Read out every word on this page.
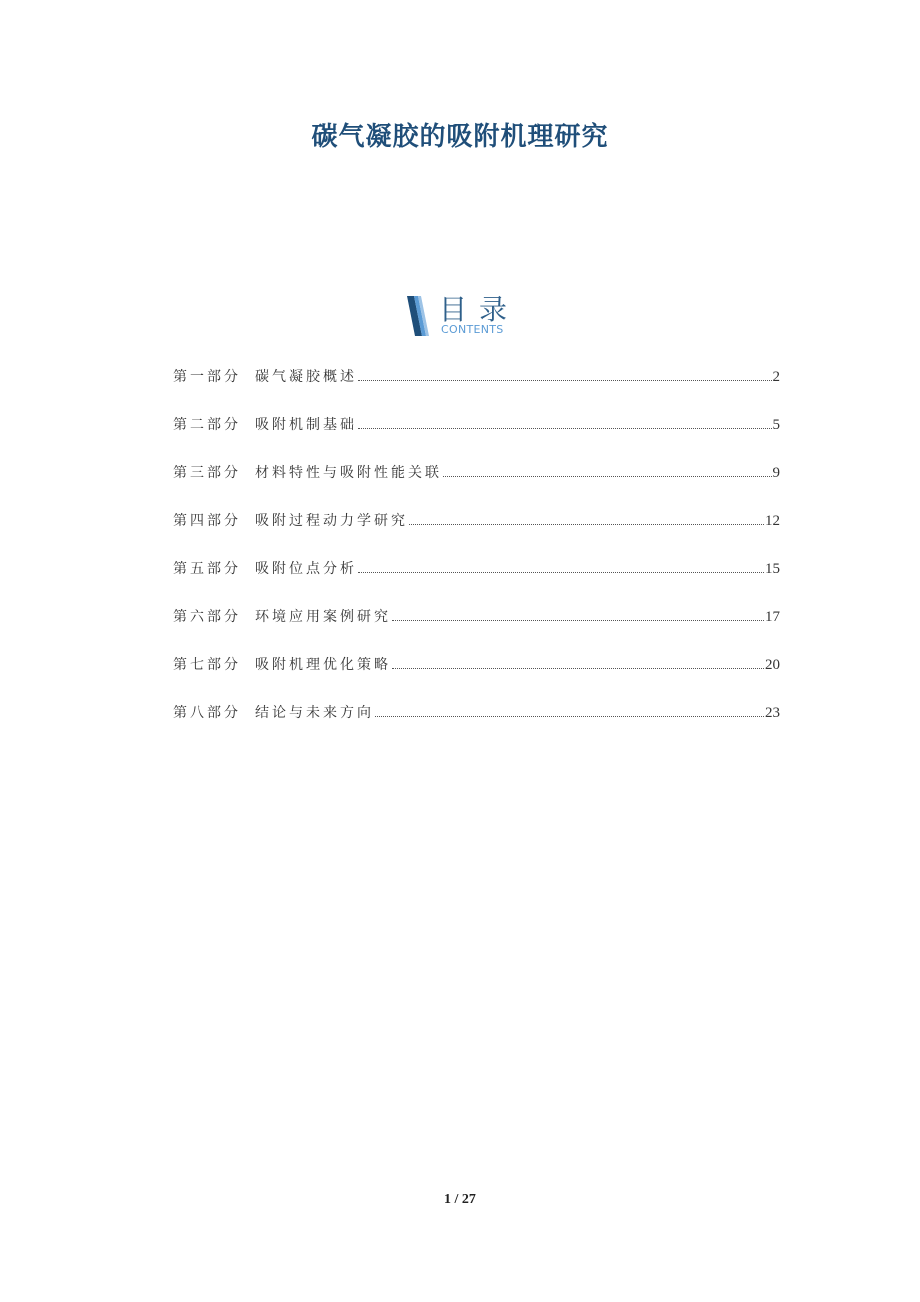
碳气凝胶的吸附机理研究
目录
CONTENTS
第一部分	碳气凝胶概述	2
第二部分	吸附机制基础	5
第三部分	材料特性与吸附性能关联	9
第四部分	吸附过程动力学研究	12
第五部分	吸附位点分析	15
第六部分	环境应用案例研究	17
第七部分	吸附机理优化策略	20
第八部分	结论与未来方向	23
1 / 27
